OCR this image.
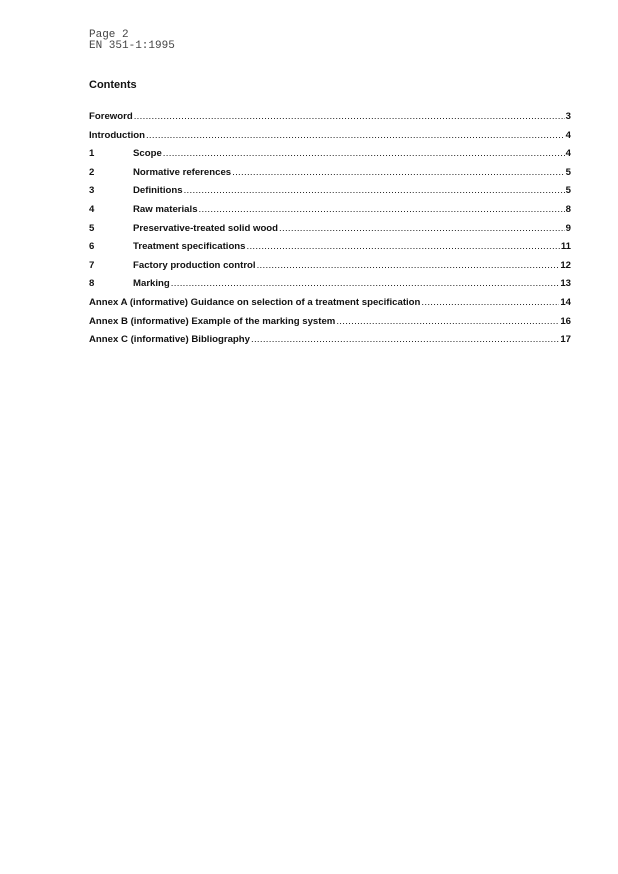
Page 2
EN 351-1:1995
Contents
Foreword .....	3
Introduction .....	4
1	Scope .....	4
2	Normative references .....	5
3	Definitions .....	5
4	Raw materials .....	8
5	Preservative-treated solid wood .....	9
6	Treatment specifications .....	11
7	Factory production control .....	12
8	Marking .....	13
Annex A (informative) Guidance on selection of a treatment specification .....	14
Annex B (informative) Example of the marking system .....	16
Annex C (informative) Bibliography .....	17
